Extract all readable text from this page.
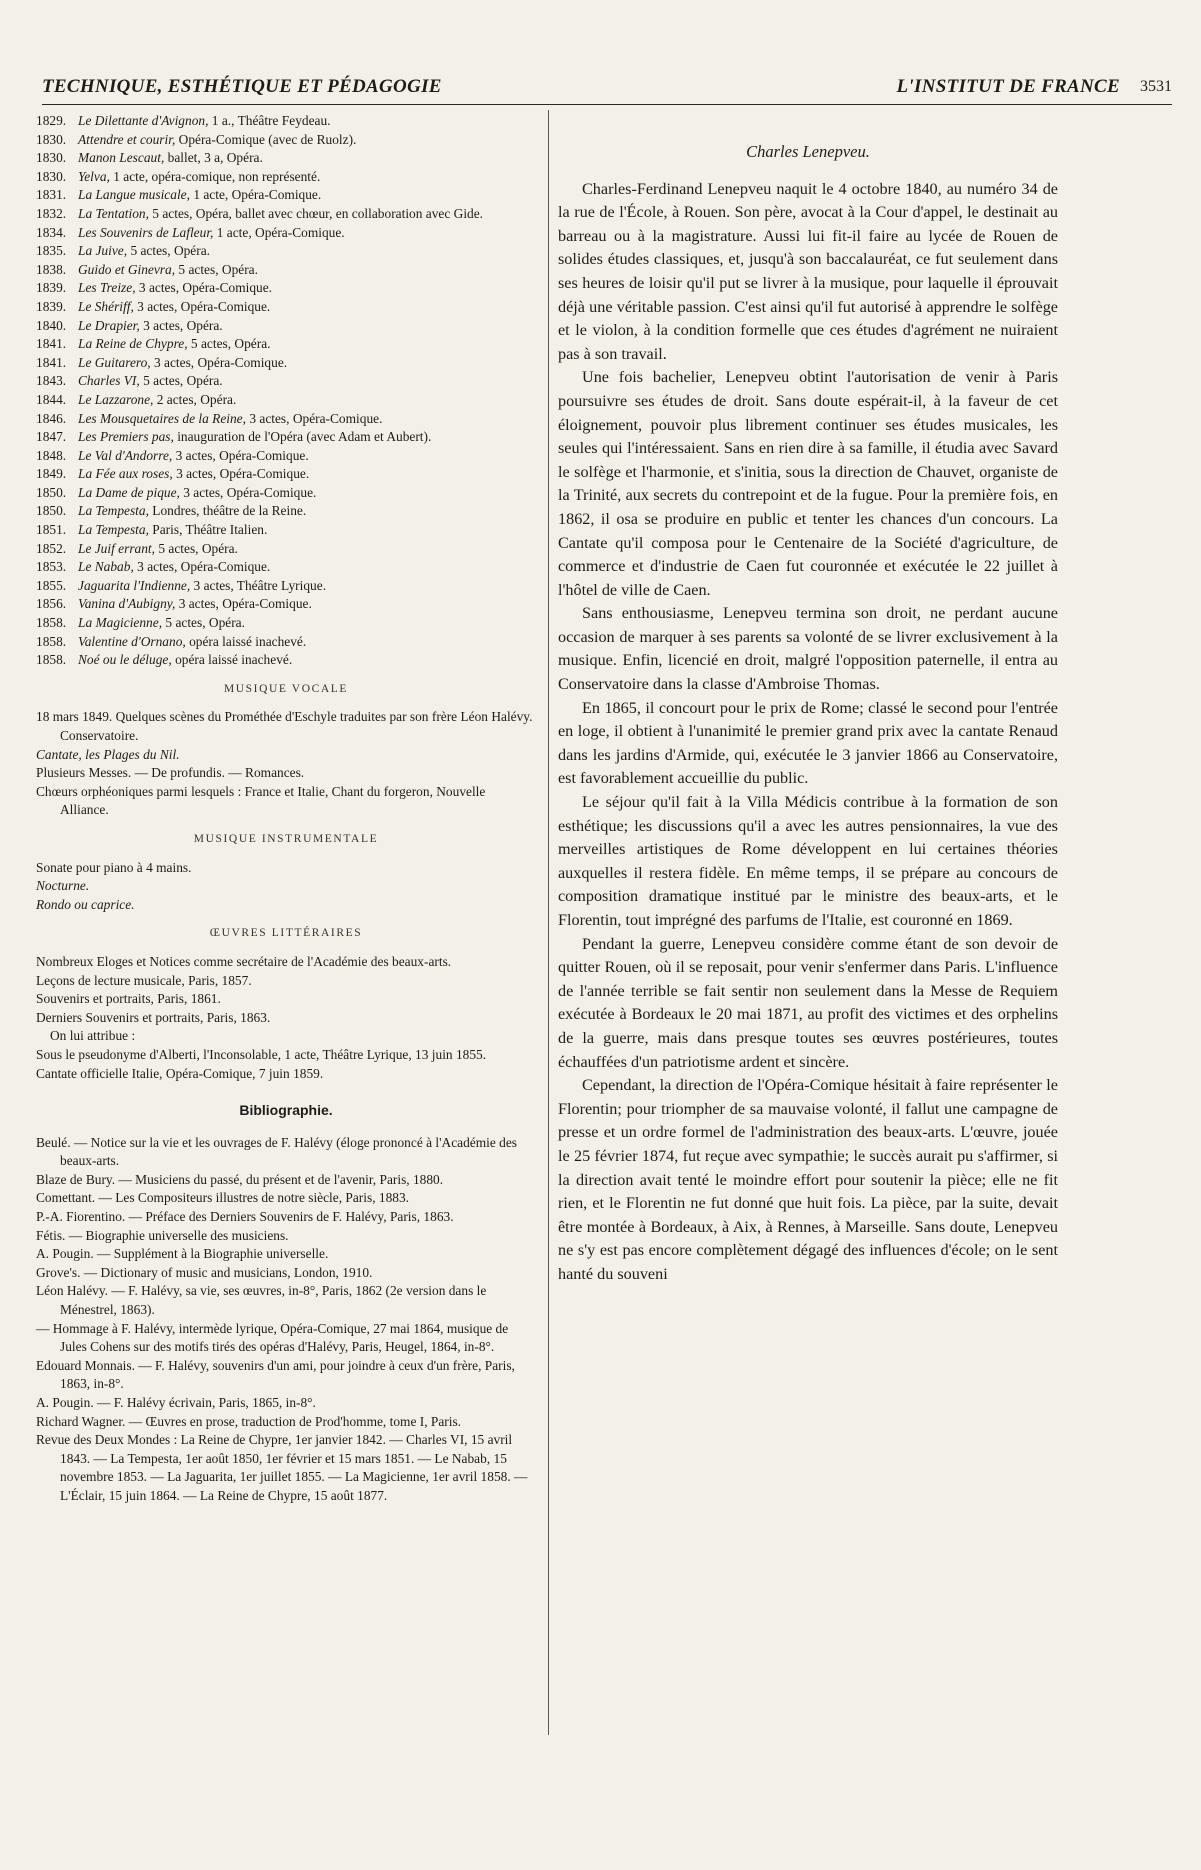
TECHNIQUE, ESTHÉTIQUE ET PÉDAGOGIE	L'INSTITUT DE FRANCE 3531
1829. Le Dilettante d'Avignon, 1 a., Théâtre Feydeau.
1830. Attendre et courir, Opéra-Comique (avec de Ruolz).
1830. Manon Lescaut, ballet, 3 a, Opéra.
1830. Yelva, 1 acte, opéra-comique, non représenté.
1831. La Langue musicale, 1 acte, Opéra-Comique.
1832. La Tentation, 5 actes, Opéra, ballet avec chœur, en collaboration avec Gide.
1834. Les Souvenirs de Lafleur, 1 acte, Opéra-Comique.
1835. La Juive, 5 actes, Opéra.
1838. Guido et Ginevra, 5 actes, Opéra.
1839. Les Treize, 3 actes, Opéra-Comique.
1839. Le Shériff, 3 actes, Opéra-Comique.
1840. Le Drapier, 3 actes, Opéra.
1841. La Reine de Chypre, 5 actes, Opéra.
1841. Le Guitarero, 3 actes, Opéra-Comique.
1843. Charles VI, 5 actes, Opéra.
1844. Le Lazzarone, 2 actes, Opéra.
1846. Les Mousquetaires de la Reine, 3 actes, Opéra-Comique.
1847. Les Premiers pas, inauguration de l'Opéra (avec Adam et Aubert).
1848. Le Val d'Andorre, 3 actes, Opéra-Comique.
1849. La Fée aux roses, 3 actes, Opéra-Comique.
1850. La Dame de pique, 3 actes, Opéra-Comique.
1850. La Tempesta, Londres, théâtre de la Reine.
1851. La Tempesta, Paris, Théâtre Italien.
1852. Le Juif errant, 5 actes, Opéra.
1853. Le Nabab, 3 actes, Opéra-Comique.
1855. Jaguarita l'Indienne, 3 actes, Théâtre Lyrique.
1856. Vanina d'Aubigny, 3 actes, Opéra-Comique.
1858. La Magicienne, 5 actes, Opéra.
1858. Valentine d'Ornano, opéra laissé inachevé.
1858. Noé ou le déluge, opéra laissé inachevé.
MUSIQUE VOCALE
18 mars 1849. Quelques scènes du Prométhée d'Eschyle traduites par son frère Léon Halévy. Conservatoire.
Cantate, les Plages du Nil.
Plusieurs Messes. — De profundis. — Romances.
Chœurs orphéoniques parmi lesquels : France et Italie, Chant du forgeron, Nouvelle Alliance.
MUSIQUE INSTRUMENTALE
Sonate pour piano à 4 mains.
Nocturne.
Rondo ou caprice.
ŒUVRES LITTÉRAIRES
Nombreux Eloges et Notices comme secrétaire de l'Académie des beaux-arts.
Leçons de lecture musicale, Paris, 1857.
Souvenirs et portraits, Paris, 1861.
Derniers Souvenirs et portraits, Paris, 1863.
On lui attribue :
Sous le pseudonyme d'Alberti, l'Inconsolable, 1 acte, Théâtre Lyrique, 13 juin 1855.
Cantate officielle Italie, Opéra-Comique, 7 juin 1859.
Bibliographie.
Beulé. — Notice sur la vie et les ouvrages de F. Halévy (éloge prononcé à l'Académie des beaux-arts.
Blaze de Bury. — Musiciens du passé, du présent et de l'avenir, Paris, 1880.
Comettant. — Les Compositeurs illustres de notre siècle, Paris, 1883.
P.-A. Fiorentino. — Préface des Derniers Souvenirs de F. Halévy, Paris, 1863.
Fétis. — Biographie universelle des musiciens.
A. Pougin. — Supplément à la Biographie universelle.
Grove's. — Dictionary of music and musicians, London, 1910.
Léon Halévy. — F. Halévy, sa vie, ses œuvres, in-8°, Paris, 1862 (2e version dans le Ménestrel, 1863).
— Hommage à F. Halévy, intermède lyrique, Opéra-Comique, 27 mai 1864, musique de Jules Cohens sur des motifs tirés des opéras d'Halévy, Paris, Heugel, 1864, in-8°.
Edouard Monnais. — F. Halévy, souvenirs d'un ami, pour joindre à ceux d'un frère, Paris, 1863, in-8°.
A. Pougin. — F. Halévy écrivain, Paris, 1865, in-8°.
Richard Wagner. — Œuvres en prose, traduction de Prod'homme, tome I, Paris.
Revue des Deux Mondes : La Reine de Chypre, 1er janvier 1842. — Charles VI, 15 avril 1843. — La Tempesta, 1er août 1850, 1er février et 15 mars 1851. — Le Nabab, 15 novembre 1853. — La Jaguarita, 1er juillet 1855. — La Magicienne, 1er avril 1858. — L'Éclair, 15 juin 1864. — La Reine de Chypre, 15 août 1877.
Charles Lenepveu.

Charles-Ferdinand Lenepveu naquit le 4 octobre 1840, au numéro 34 de la rue de l'École, à Rouen. Son père, avocat à la Cour d'appel, le destinait au barreau ou à la magistrature. Aussi lui fit-il faire au lycée de Rouen de solides études classiques, et, jusqu'à son baccalauréat, ce fut seulement dans ses heures de loisir qu'il put se livrer à la musique, pour laquelle il éprouvait déjà une véritable passion. C'est ainsi qu'il fut autorisé à apprendre le solfège et le violon, à la condition formelle que ces études d'agrément ne nuiraient pas à son travail.

Une fois bachelier, Lenepveu obtint l'autorisation de venir à Paris poursuivre ses études de droit. Sans doute espérait-il, à la faveur de cet éloignement, pouvoir plus librement continuer ses études musicales, les seules qui l'intéressaient. Sans en rien dire à sa famille, il étudia avec Savard le solfège et l'harmonie, et s'initia, sous la direction de Chauvet, organiste de la Trinité, aux secrets du contrepoint et de la fugue. Pour la première fois, en 1862, il osa se produire en public et tenter les chances d'un concours. La Cantate qu'il composa pour le Centenaire de la Société d'agriculture, de commerce et d'industrie de Caen fut couronnée et exécutée le 22 juillet à l'hôtel de ville de Caen.

Sans enthousiasme, Lenepveu termina son droit, ne perdant aucune occasion de marquer à ses parents sa volonté de se livrer exclusivement à la musique. Enfin, licencié en droit, malgré l'opposition paternelle, il entra au Conservatoire dans la classe d'Ambroise Thomas.

En 1865, il concourt pour le prix de Rome; classé le second pour l'entrée en loge, il obtient à l'unanimité le premier grand prix avec la cantate Renaud dans les jardins d'Armide, qui, exécutée le 3 janvier 1866 au Conservatoire, est favorablement accueillie du public.

Le séjour qu'il fait à la Villa Médicis contribue à la formation de son esthétique; les discussions qu'il a avec les autres pensionnaires, la vue des merveilles artistiques de Rome développent en lui certaines théories auxquelles il restera fidèle. En même temps, il se prépare au concours de composition dramatique institué par le ministre des beaux-arts, et le Florentin, tout imprégné des parfums de l'Italie, est couronné en 1869.

Pendant la guerre, Lenepveu considère comme étant de son devoir de quitter Rouen, où il se reposait, pour venir s'enfermer dans Paris. L'influence de l'année terrible se fait sentir non seulement dans la Messe de Requiem exécutée à Bordeaux le 20 mai 1871, au profit des victimes et des orphelins de la guerre, mais dans presque toutes ses œuvres postérieures, toutes échauffées d'un patriotisme ardent et sincère.

Cependant, la direction de l'Opéra-Comique hésitait à faire représenter le Florentin; pour triompher de sa mauvaise volonté, il fallut une campagne de presse et un ordre formel de l'administration des beaux-arts. L'œuvre, jouée le 25 février 1874, fut reçue avec sympathie; le succès aurait pu s'affirmer, si la direction avait tenté le moindre effort pour soutenir la pièce; elle ne fit rien, et le Florentin ne fut donné que huit fois. La pièce, par la suite, devait être montée à Bordeaux, à Aix, à Rennes, à Marseille. Sans doute, Lenepveu ne s'y est pas encore complètement dégagé des influences d'école; on le sent hanté du souveni
